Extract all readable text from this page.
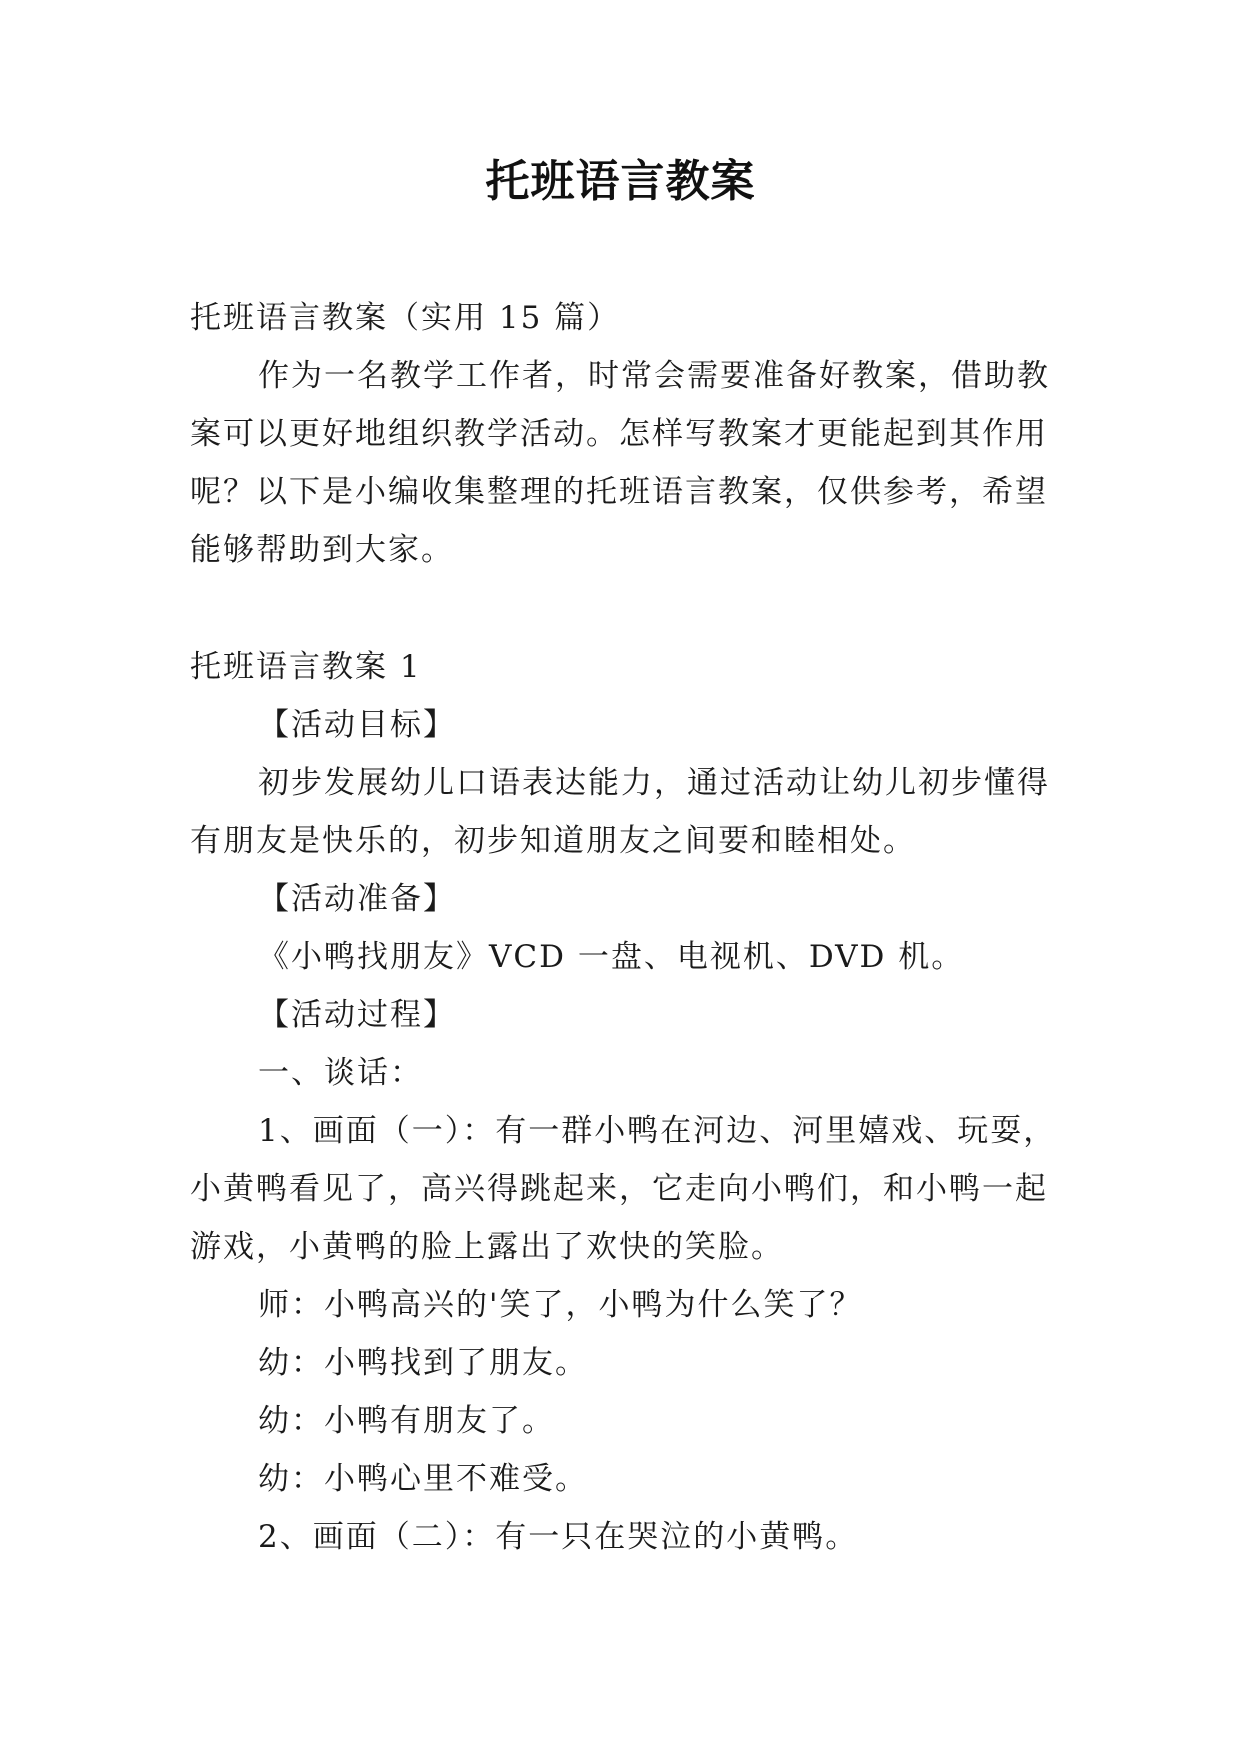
托班语言教案
托班语言教案（实用 15 篇）
作为一名教学工作者，时常会需要准备好教案，借助教
案可以更好地组织教学活动。怎样写教案才更能起到其作用
呢？以下是小编收集整理的托班语言教案，仅供参考，希望
能够帮助到大家。
托班语言教案 1
【活动目标】
初步发展幼儿口语表达能力，通过活动让幼儿初步懂得
有朋友是快乐的，初步知道朋友之间要和睦相处。
【活动准备】
《小鸭找朋友》VCD 一盘、电视机、DVD 机。
【活动过程】
一、谈话：
1、画面（一）：有一群小鸭在河边、河里嬉戏、玩耍，
小黄鸭看见了，高兴得跳起来，它走向小鸭们，和小鸭一起
游戏，小黄鸭的脸上露出了欢快的笑脸。
师：小鸭高兴的'笑了，小鸭为什么笑了？
幼：小鸭找到了朋友。
幼：小鸭有朋友了。
幼：小鸭心里不难受。
2、画面（二）：有一只在哭泣的小黄鸭。
